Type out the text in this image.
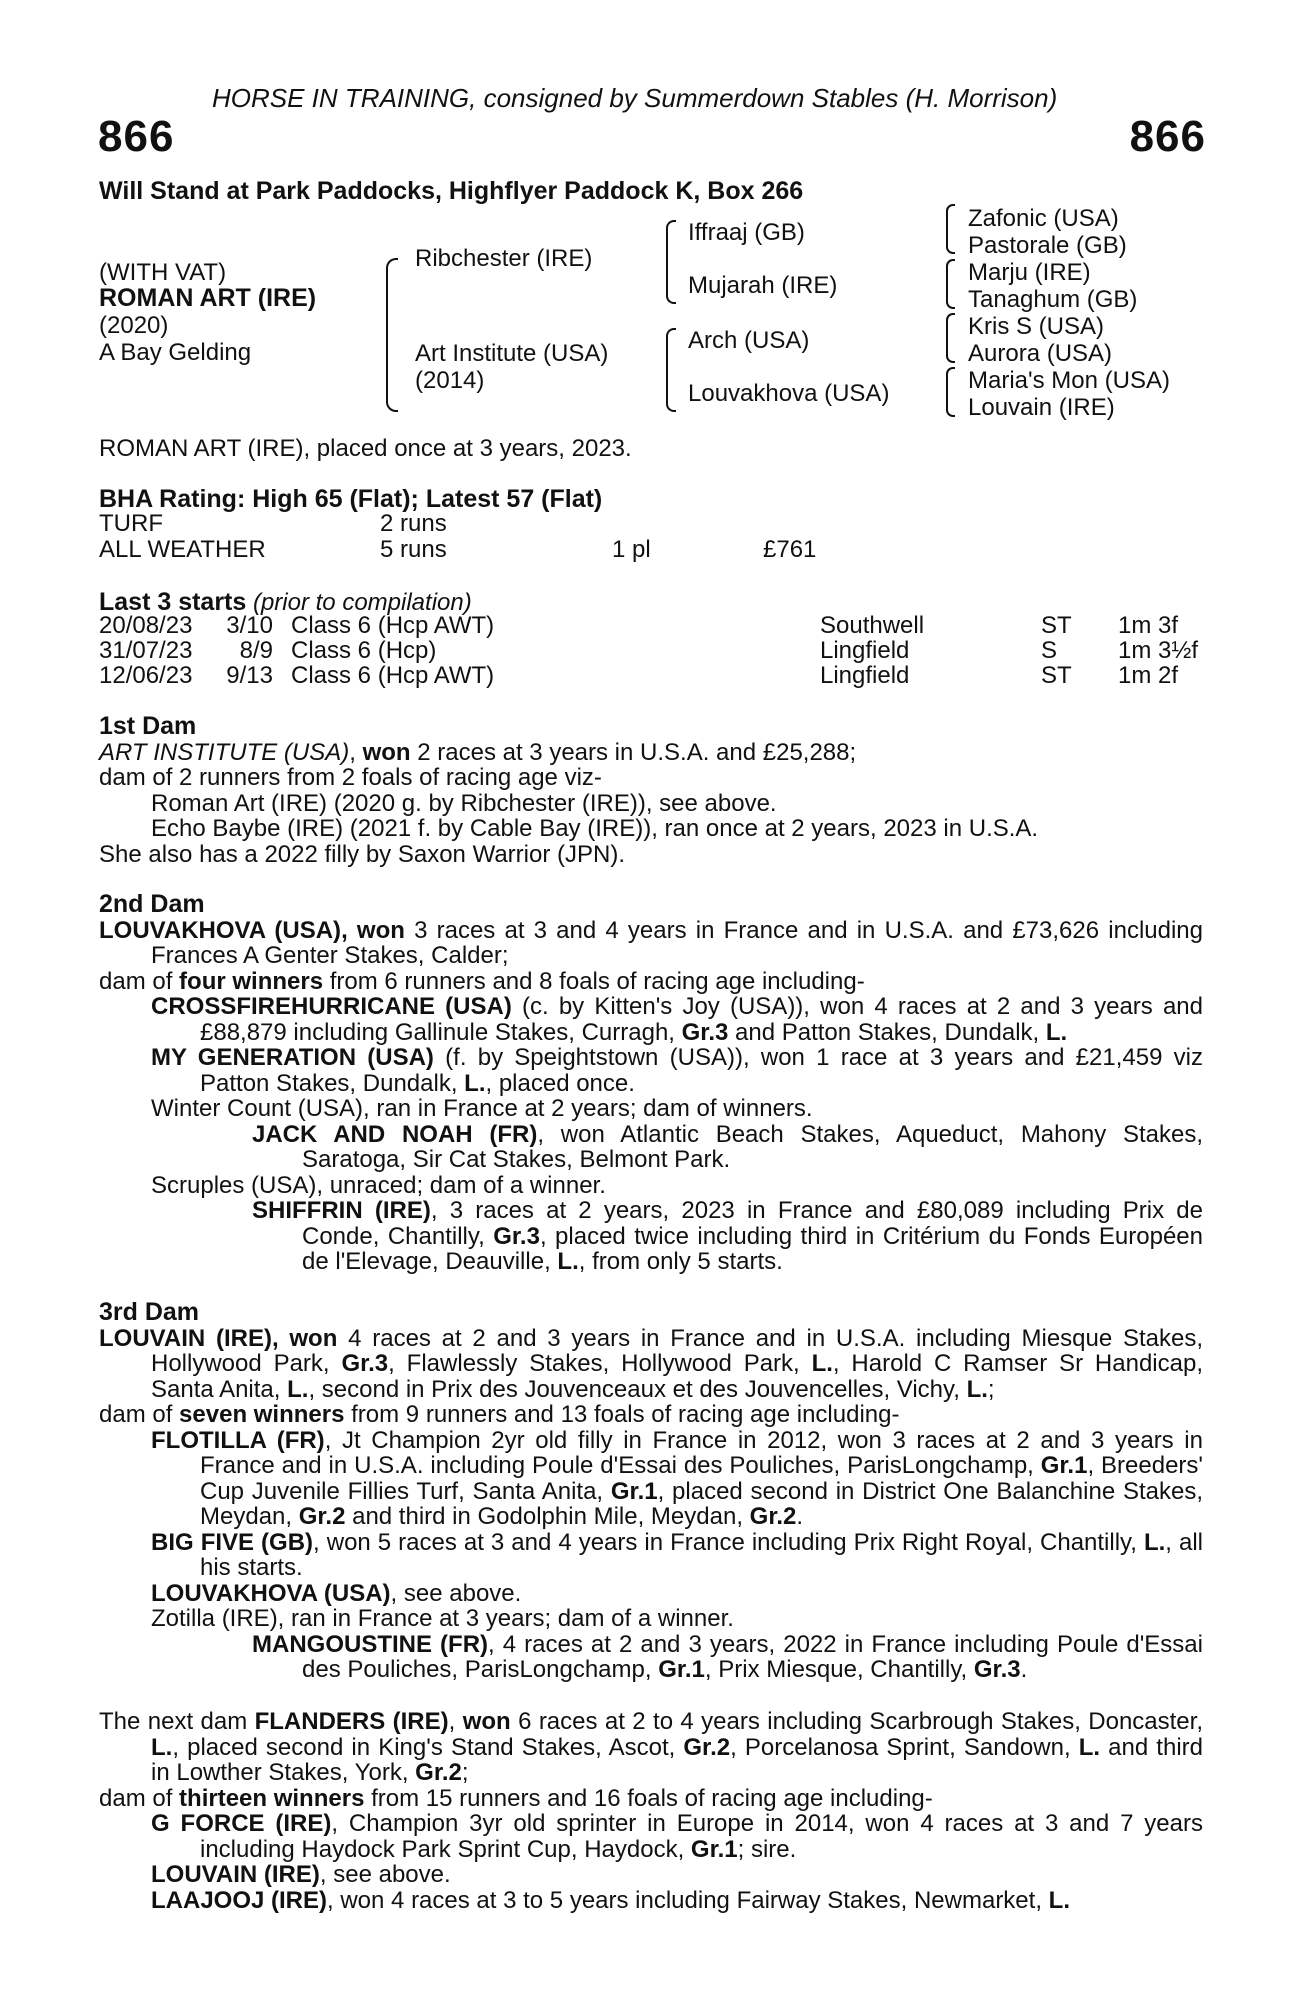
HORSE IN TRAINING, consigned by Summerdown Stables (H. Morrison)
866	866
Will Stand at Park Paddocks, Highflyer Paddock K, Box 266
(WITH VAT)
ROMAN ART (IRE)
(2020)
A Bay Gelding
Ribchester (IRE)
Art Institute (USA)
(2014)
Iffraaj (GB)
Mujarah (IRE)
Arch (USA)
Louvakhova (USA)
Zafonic (USA)
Pastorale (GB)
Marju (IRE)
Tanaghum (GB)
Kris S (USA)
Aurora (USA)
Maria's Mon (USA)
Louvain (IRE)
ROMAN ART (IRE), placed once at 3 years, 2023.
BHA Rating: High 65 (Flat); Latest 57 (Flat)
TURF	2 runs
ALL WEATHER	5 runs	1 pl	£761
Last 3 starts (prior to compilation)
20/08/23 3/10 Class 6 (Hcp AWT)	Southwell	ST 1m 3f
31/07/23	8/9 Class 6 (Hcp)	Lingfield	S	1m 3½f
12/06/23 9/13 Class 6 (Hcp AWT)	Lingfield	ST 1m 2f

1st Dam

ART INSTITUTE (USA), won 2 races at 3 years in U.S.A. and £25,288;

dam of 2 runners from 2 foals of racing age viz-

Roman Art (IRE) (2020 g. by Ribchester (IRE)), see above.

Echo Baybe (IRE) (2021 f. by Cable Bay (IRE)), ran once at 2 years, 2023 in U.S.A.

She also has a 2022 filly by Saxon Warrior (JPN).

2nd Dam

LOUVAKHOVA (USA), won 3 races at 3 and 4 years in France and in U.S.A. and £73,626 including Frances A Genter Stakes, Calder;

dam of four winners from 6 runners and 8 foals of racing age including-

CROSSFIREHURRICANE (USA) (c. by Kitten's Joy (USA)), won 4 races at 2 and 3 years and £88,879 including Gallinule Stakes, Curragh, Gr.3 and Patton Stakes, Dundalk, L.

MY GENERATION (USA) (f. by Speightstown (USA)), won 1 race at 3 years and £21,459 viz Patton Stakes, Dundalk, L., placed once.

Winter Count (USA), ran in France at 2 years; dam of winners.

JACK AND NOAH (FR), won Atlantic Beach Stakes, Aqueduct, Mahony Stakes, Saratoga, Sir Cat Stakes, Belmont Park.

Scruples (USA), unraced; dam of a winner.

SHIFFRIN (IRE), 3 races at 2 years, 2023 in France and £80,089 including Prix de Conde, Chantilly, Gr.3, placed twice including third in Critérium du Fonds Européen de l'Elevage, Deauville, L., from only 5 starts.

3rd Dam

LOUVAIN (IRE), won 4 races at 2 and 3 years in France and in U.S.A. including Miesque Stakes, Hollywood Park, Gr.3, Flawlessly Stakes, Hollywood Park, L., Harold C Ramser Sr Handicap, Santa Anita, L., second in Prix des Jouvenceaux et des Jouvencelles, Vichy, L.;

dam of seven winners from 9 runners and 13 foals of racing age including-

FLOTILLA (FR), Jt Champion 2yr old filly in France in 2012, won 3 races at 2 and 3 years in France and in U.S.A. including Poule d'Essai des Pouliches, ParisLongchamp, Gr.1, Breeders' Cup Juvenile Fillies Turf, Santa Anita, Gr.1, placed second in District One Balanchine Stakes, Meydan, Gr.2 and third in Godolphin Mile, Meydan, Gr.2.

BIG FIVE (GB), won 5 races at 3 and 4 years in France including Prix Right Royal, Chantilly, L., all his starts.

LOUVAKHOVA (USA), see above.

Zotilla (IRE), ran in France at 3 years; dam of a winner.

MANGOUSTINE (FR), 4 races at 2 and 3 years, 2022 in France including Poule d'Essai des Pouliches, ParisLongchamp, Gr.1, Prix Miesque, Chantilly, Gr.3.

The next dam FLANDERS (IRE), won 6 races at 2 to 4 years including Scarbrough Stakes, Doncaster, L., placed second in King's Stand Stakes, Ascot, Gr.2, Porcelanosa Sprint, Sandown, L. and third in Lowther Stakes, York, Gr.2;

dam of thirteen winners from 15 runners and 16 foals of racing age including-

G FORCE (IRE), Champion 3yr old sprinter in Europe in 2014, won 4 races at 3 and 7 years including Haydock Park Sprint Cup, Haydock, Gr.1; sire.

LOUVAIN (IRE), see above.

LAAJOOJ (IRE), won 4 races at 3 to 5 years including Fairway Stakes, Newmarket, L.
